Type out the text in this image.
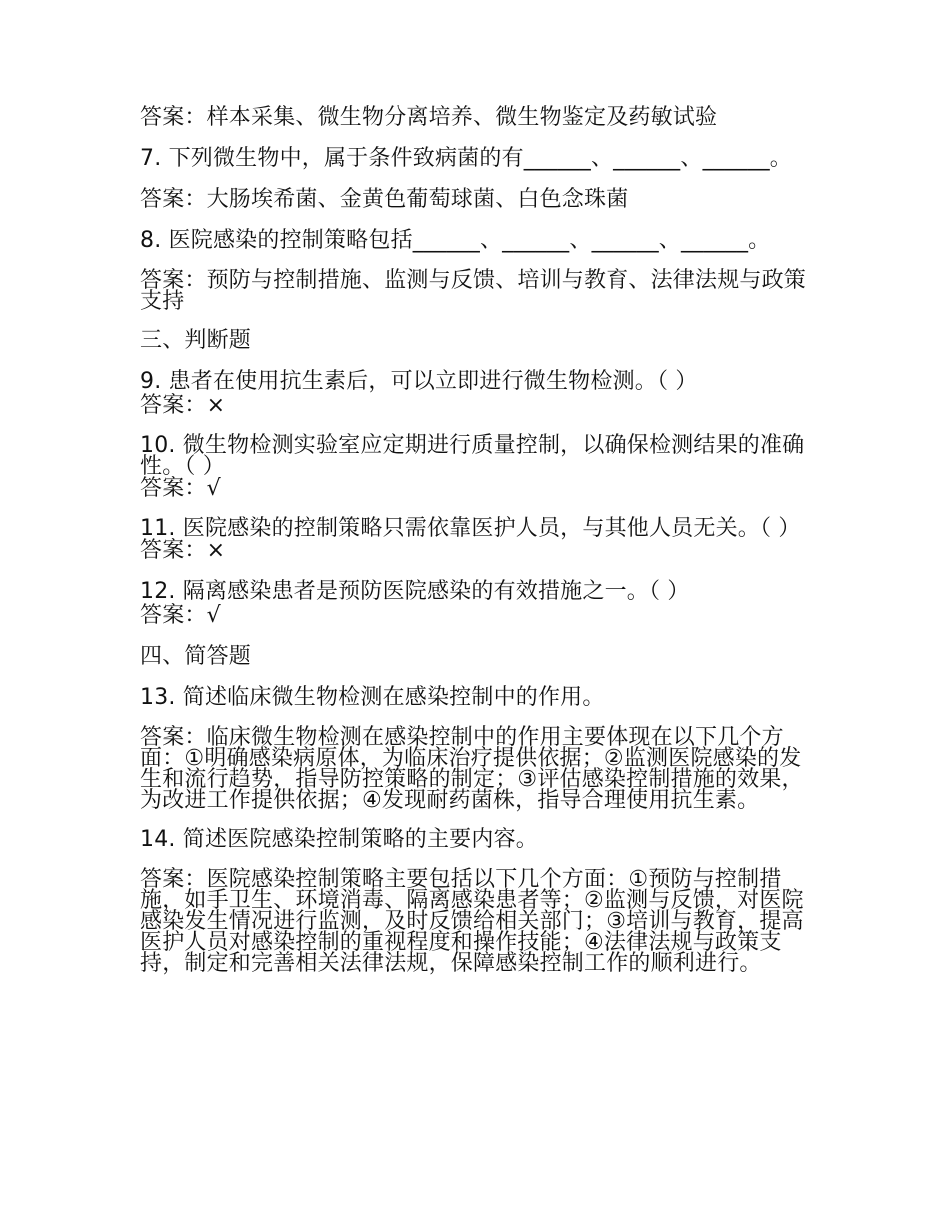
答案：样本采集、微生物分离培养、微生物鉴定及药敏试验

7. 下列微生物中，属于条件致病菌的有______、______、______。

答案：大肠埃希菌、金黄色葡萄球菌、白色念珠菌

8. 医院感染的控制策略包括______、______、______、______。

答案：预防与控制措施、监测与反馈、培训与教育、法律法规与政策支持

三、判断题

9. 患者在使用抗生素后，可以立即进行微生物检测。（ ）

答案：×

10. 微生物检测实验室应定期进行质量控制，以确保检测结果的准确性。（ ）

答案：√

11. 医院感染的控制策略只需依靠医护人员，与其他人员无关。（ ）

答案：×

12. 隔离感染患者是预防医院感染的有效措施之一。（ ）

答案：√

四、简答题

13. 简述临床微生物检测在感染控制中的作用。

答案：临床微生物检测在感染控制中的作用主要体现在以下几个方面：①明确感染病原体，为临床治疗提供依据；②监测医院感染的发生和流行趋势，指导防控策略的制定；③评估感染控制措施的效果，为改进工作提供依据；④发现耐药菌株，指导合理使用抗生素。

14. 简述医院感染控制策略的主要内容。

答案：医院感染控制策略主要包括以下几个方面：①预防与控制措施，如手卫生、环境消毒、隔离感染患者等；②监测与反馈，对医院感染发生情况进行监测，及时反馈给相关部门；③培训与教育，提高医护人员对感染控制的重视程度和操作技能；④法律法规与政策支持，制定和完善相关法律法规，保障感染控制工作的顺利进行。
